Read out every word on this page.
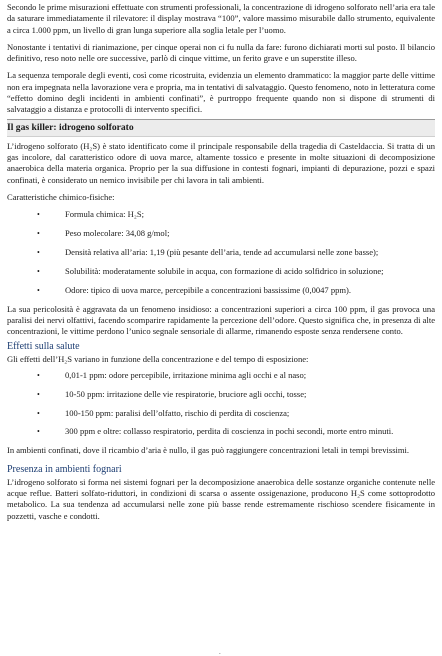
Secondo le prime misurazioni effettuate con strumenti professionali, la concentrazione di idrogeno solforato nell’aria era tale da saturare immediatamente il rilevatore: il display mostrava “100”, valore massimo misurabile dallo strumento, equivalente a circa 1.000 ppm, un livello di gran lunga superiore alla soglia letale per l’uomo.

Nonostante i tentativi di rianimazione, per cinque operai non ci fu nulla da fare: furono dichiarati morti sul posto. Il bilancio definitivo, reso noto nelle ore successive, parlò di cinque vittime, un ferito grave e un superstite illeso.

La sequenza temporale degli eventi, così come ricostruita, evidenzia un elemento drammatico: la maggior parte delle vittime non era impegnata nella lavorazione vera e propria, ma in tentativi di salvataggio. Questo fenomeno, noto in letteratura come “effetto domino degli incidenti in ambienti confinati”, è purtroppo frequente quando non si dispone di strumenti di salvataggio a distanza e protocolli di intervento specifici.

Il gas killer: idrogeno solforato

L’idrogeno solforato (H₂S) è stato identificato come il principale responsabile della tragedia di Casteldaccia. Si tratta di un gas incolore, dal caratteristico odore di uova marce, altamente tossico e presente in molte situazioni di decomposizione anaerobica della materia organica. Proprio per la sua diffusione in contesti fognari, impianti di depurazione, pozzi e spazi confinati, è considerato un nemico invisibile per chi lavora in tali ambienti.

Caratteristiche chimico-fisiche:

•	Formula chimica: H₂S;
•	Peso molecolare: 34,08 g/mol;
•	Densità relativa all’aria: 1,19 (più pesante dell’aria, tende ad accumularsi nelle zone basse);
•	Solubilità: moderatamente solubile in acqua, con formazione di acido solfidrico in soluzione;
•	Odore: tipico di uova marce, percepibile a concentrazioni bassissime (0,0047 ppm).

La sua pericolosità è aggravata da un fenomeno insidioso: a concentrazioni superiori a circa 100 ppm, il gas provoca una paralisi dei nervi olfattivi, facendo scomparire rapidamente la percezione dell’odore. Questo significa che, in presenza di alte concentrazioni, le vittime perdono l’unico segnale sensoriale di allarme, rimanendo esposte senza rendersene conto.

Effetti sulla salute

Gli effetti dell’H₂S variano in funzione della concentrazione e del tempo di esposizione:

•	0,01-1 ppm: odore percepibile, irritazione minima agli occhi e al naso;
•	10-50 ppm: irritazione delle vie respiratorie, bruciore agli occhi, tosse;
•	100-150 ppm: paralisi dell’olfatto, rischio di perdita di coscienza;
•	300 ppm e oltre: collasso respiratorio, perdita di coscienza in pochi secondi, morte entro minuti.

In ambienti confinati, dove il ricambio d’aria è nullo, il gas può raggiungere concentrazioni letali in tempi brevissimi.

Presenza in ambienti fognari

L’idrogeno solforato si forma nei sistemi fognari per la decomposizione anaerobica delle sostanze organiche contenute nelle acque reflue. Batteri solfato-riduttori, in condizioni di scarsa o assente ossigenazione, producono H₂S come sottoprodotto metabolico. La sua tendenza ad accumularsi nelle zone più basse rende estremamente rischioso scendere fisicamente in pozzetti, vasche e condotti.

.
